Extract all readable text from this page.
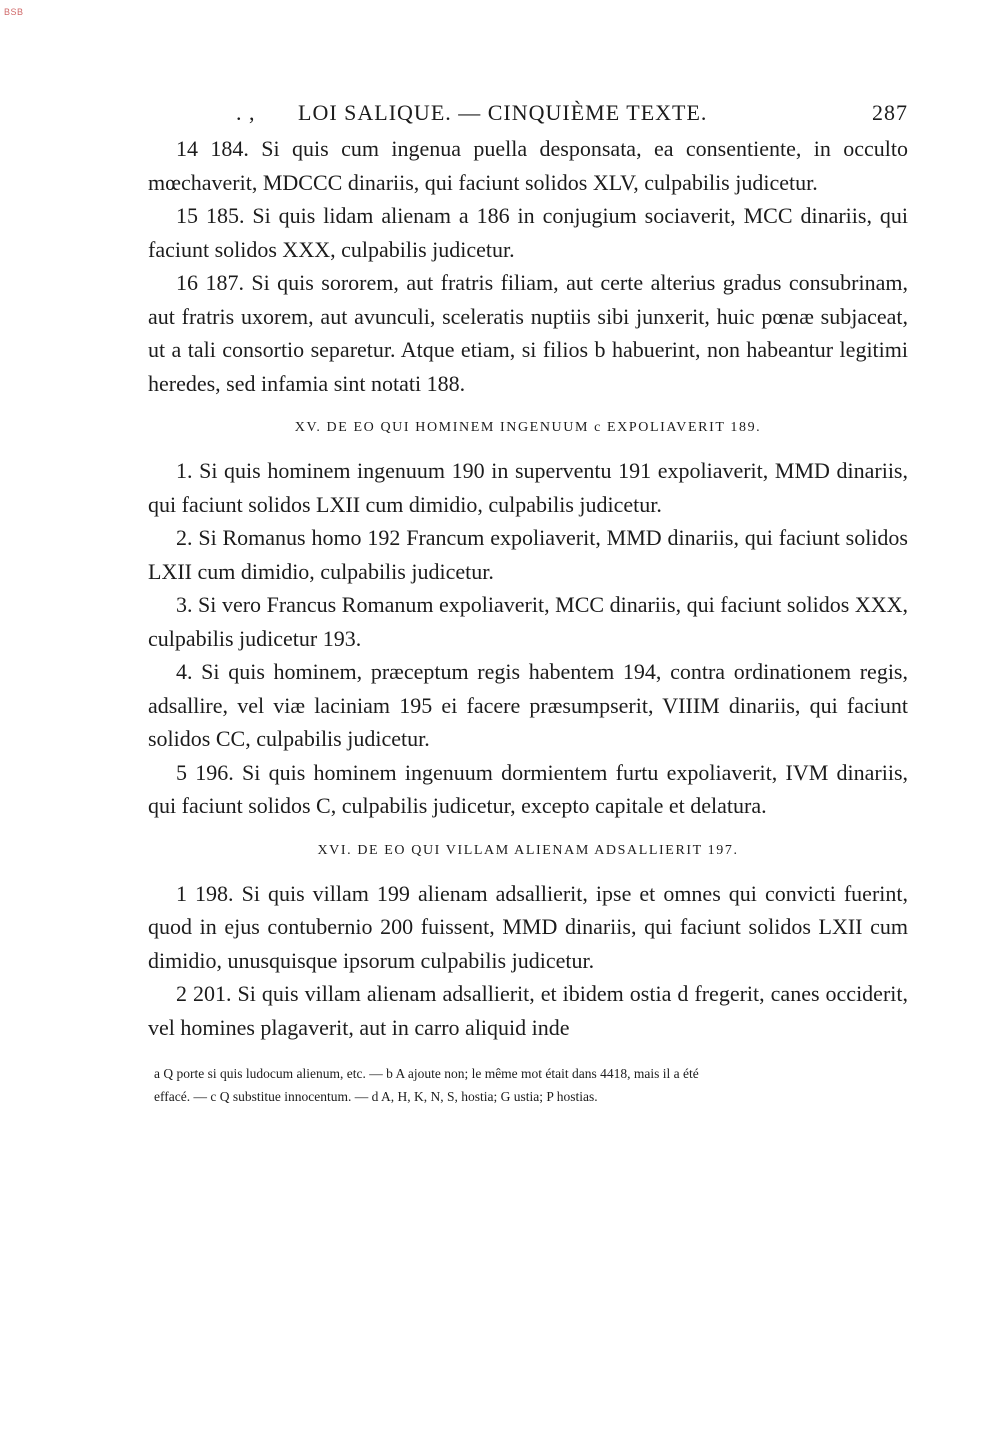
BSB
. , LOI SALIQUE. — CINQUIÈME TEXTE.	287

14 184. Si quis cum ingenua puella desponsata, ea consentiente, in occulto mœchaverit, MDCCC dinariis, qui faciunt solidos XLV, culpabilis judicetur.

15 185. Si quis lidam alienam a 186 in conjugium sociaverit, MCC dinariis, qui faciunt solidos XXX, culpabilis judicetur.

16 187. Si quis sororem, aut fratris filiam, aut certe alterius gradus consubrinam, aut fratris uxorem, aut avunculi, sceleratis nuptiis sibi junxerit, huic pœnæ subjaceat, ut a tali consortio separetur. Atque etiam, si filios b habuerint, non habeantur legitimi heredes, sed infamia sint notati 188.

XV. DE EO QUI HOMINEM INGENUUM c EXPOLIAVERIT 189.

1. Si quis hominem ingenuum 190 in superventu 191 expoliaverit, MMD dinariis, qui faciunt solidos LXII cum dimidio, culpabilis judicetur.

2. Si Romanus homo 192 Francum expoliaverit, MMD dinariis, qui faciunt solidos LXII cum dimidio, culpabilis judicetur.

3. Si vero Francus Romanum expoliaverit, MCC dinariis, qui faciunt solidos XXX, culpabilis judicetur 193.

4. Si quis hominem, præceptum regis habentem 194, contra ordinationem regis, adsallire, vel viæ laciniam 195 ei facere præsumpserit, VIIIM dinariis, qui faciunt solidos CC, culpabilis judicetur.

5 196. Si quis hominem ingenuum dormientem furtu expoliaverit, IVM dinariis, qui faciunt solidos C, culpabilis judicetur, excepto capitale et delatura.

XVI. DE EO QUI VILLAM ALIENAM ADSALLIERIT 197.

1 198. Si quis villam 199 alienam adsallierit, ipse et omnes qui convicti fuerint, quod in ejus contubernio 200 fuissent, MMD dinariis, qui faciunt solidos LXII cum dimidio, unusquisque ipsorum culpabilis judicetur.

2 201. Si quis villam alienam adsallierit, et ibidem ostia d fregerit, canes occiderit, vel homines plagaverit, aut in carro aliquid inde

a Q porte si quis ludocum alienum, etc. — b A ajoute non; le même mot était dans 4418, mais il a été
effacé. — c Q substitue innocentum. — d A, H, K, N, S, hostia; G ustia; P hostias.
